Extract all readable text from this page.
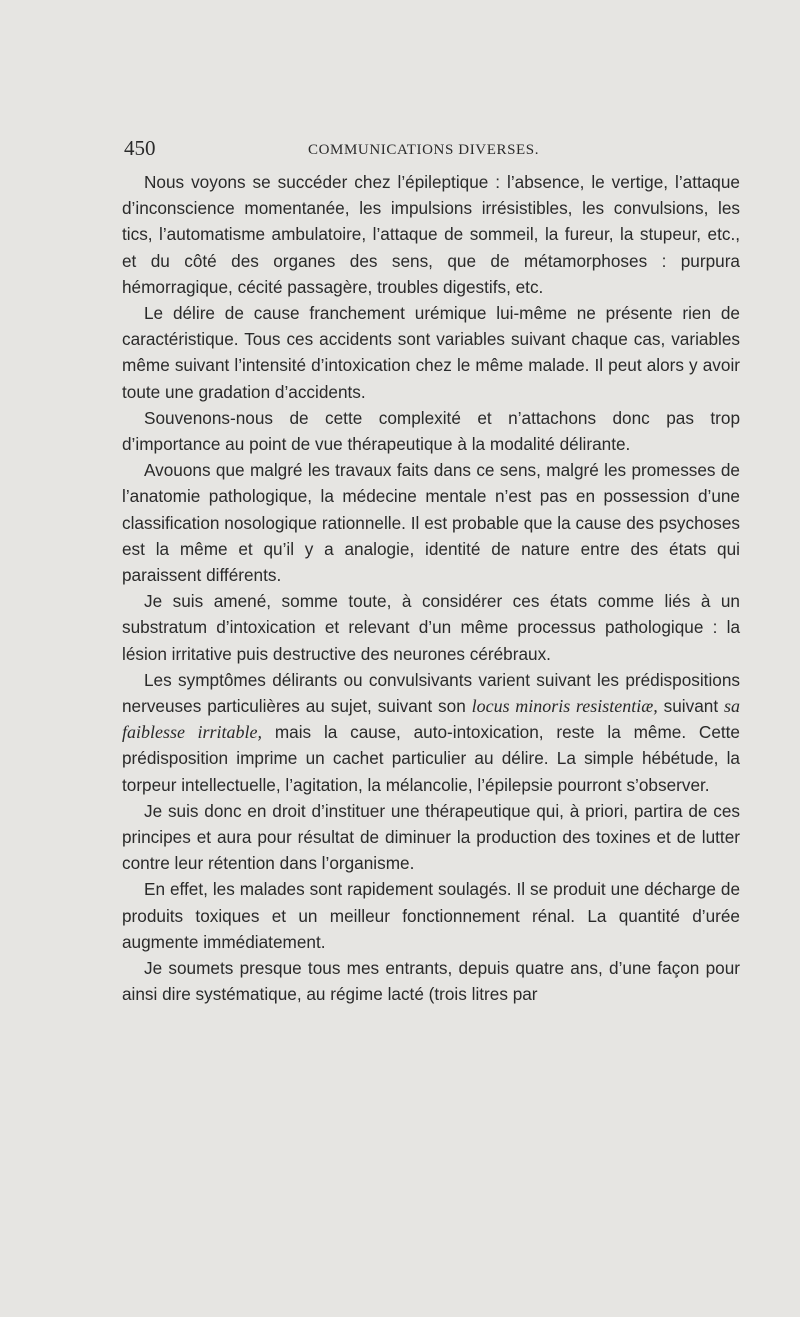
450	COMMUNICATIONS DIVERSES.

Nous voyons se succéder chez l’épileptique : l’absence, le vertige, l’attaque d’inconscience momentanée, les impulsions irrésistibles, les convulsions, les tics, l’automatisme ambulatoire, l’attaque de sommeil, la fureur, la stupeur, etc., et du côté des organes des sens, que de métamorphoses : purpura hémorragique, cécité passagère, troubles digestifs, etc.

Le délire de cause franchement urémique lui-même ne présente rien de caractéristique. Tous ces accidents sont variables suivant chaque cas, variables même suivant l’intensité d’intoxication chez le même malade. Il peut alors y avoir toute une gradation d’accidents.

Souvenons-nous de cette complexité et n’attachons donc pas trop d’importance au point de vue thérapeutique à la modalité délirante.

Avouons que malgré les travaux faits dans ce sens, malgré les promesses de l’anatomie pathologique, la médecine mentale n’est pas en possession d’une classification nosologique rationnelle. Il est probable que la cause des psychoses est la même et qu’il y a analogie, identité de nature entre des états qui paraissent différents.

Je suis amené, somme toute, à considérer ces états comme liés à un substratum d’intoxication et relevant d’un même processus pathologique : la lésion irritative puis destructive des neurones cérébraux.

Les symptômes délirants ou convulsivants varient suivant les prédispositions nerveuses particulières au sujet, suivant son locus minoris resistentiæ, suivant sa faiblesse irritable, mais la cause, auto-intoxication, reste la même. Cette prédisposition imprime un cachet particulier au délire. La simple hébétude, la torpeur intellectuelle, l’agitation, la mélancolie, l’épilepsie pourront s’observer.

Je suis donc en droit d’instituer une thérapeutique qui, à priori, partira de ces principes et aura pour résultat de diminuer la production des toxines et de lutter contre leur rétention dans l’organisme.

En effet, les malades sont rapidement soulagés. Il se produit une décharge de produits toxiques et un meilleur fonctionnement rénal. La quantité d’urée augmente immédiatement.

Je soumets presque tous mes entrants, depuis quatre ans, d’une façon pour ainsi dire systématique, au régime lacté (trois litres par
